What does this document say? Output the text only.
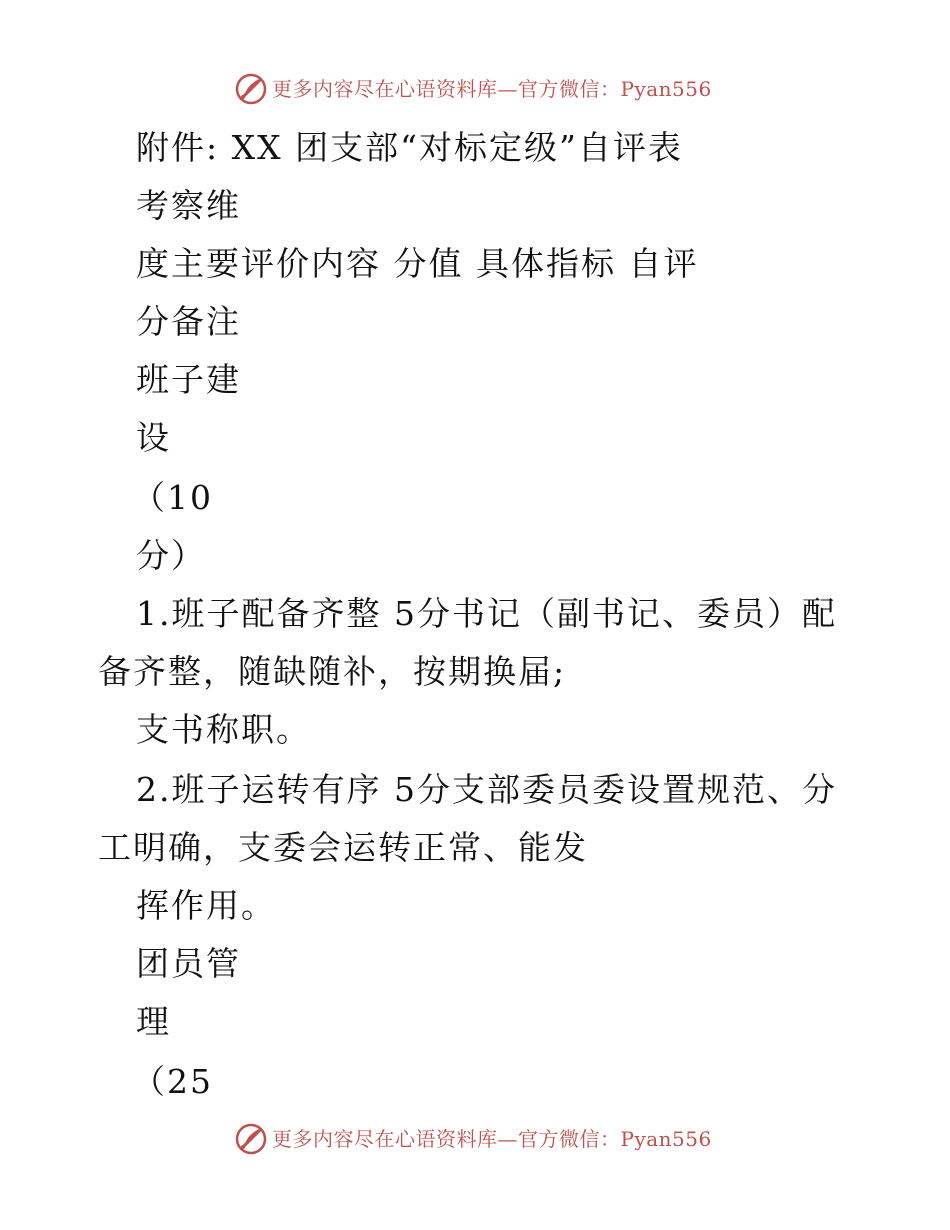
更多内容尽在心语资料库—官方微信：Pyan556
附件: XX 团支部“对标定级”自评表
考察维
度主要评价内容 分值 具体指标 自评
分备注
班子建
设
（10
分）
1.班子配备齐整 5分书记（副书记、委员）配
备齐整，随缺随补，按期换届;
支书称职。
2.班子运转有序 5分支部委员委设置规范、分
工明确，支委会运转正常、能发
挥作用。
团员管
理
（25
更多内容尽在心语资料库—官方微信：Pyan556
